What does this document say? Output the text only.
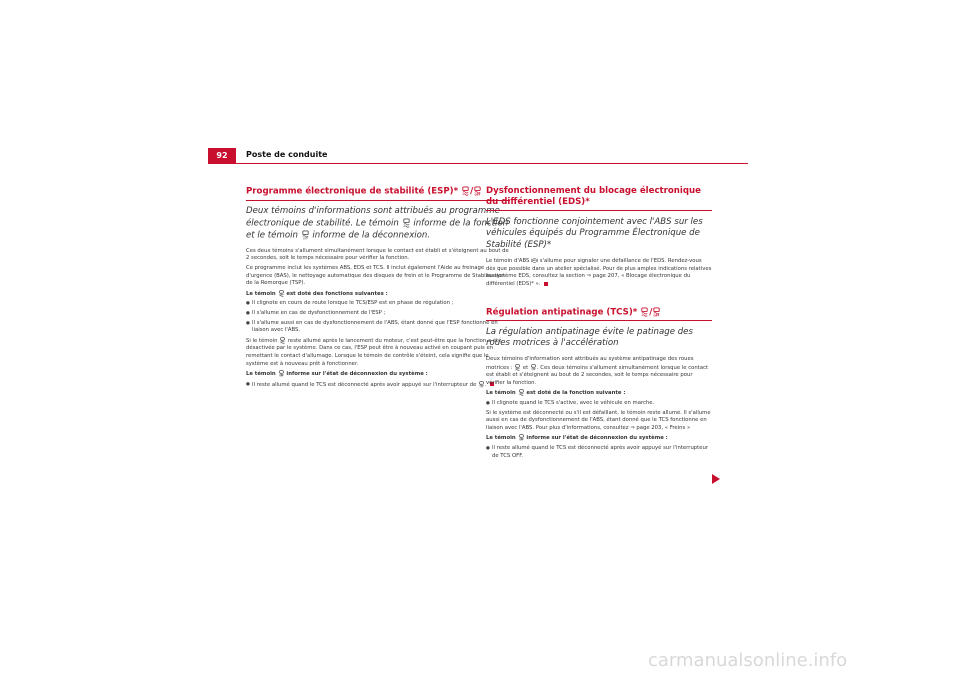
92	Poste de conduite

Programme électronique de stabilité (ESP)* / OFF

Deux témoins d'informations sont attribués au programme électronique de stabilité. Le témoin informe de la fonction et le témoin OFF informe de la déconnexion.

Ces deux témoins s'allument simultanément lorsque le contact est établi et s'éteignent au bout de 2 secondes, soit le temps nécessaire pour vérifier la fonction.

Ce programme inclut les systèmes ABS, EDS et TCS. Il inclut également l'Aide au freinage d'urgence (BAS), le nettoyage automatique des disques de frein et le Programme de Stabilisation de la Remorque (TSP).

Le témoin est doté des fonctions suivantes :

● Il clignote en cours de route lorsque le TCS/ESP est en phase de régulation ;

● Il s'allume en cas de dysfonctionnement de l'ESP ;

● Il s'allume aussi en cas de dysfonctionnement de l'ABS, étant donné que l'ESP fonctionne en liaison avec l'ABS.

Si le témoin reste allumé après le lancement du moteur, c'est peut-être que la fonction a été désactivée par le système. Dans ce cas, l'ESP peut être à nouveau activé en coupant puis en remettant le contact d'allumage. Lorsque le témoin de contrôle s'éteint, cela signifie que le système est à nouveau prêt à fonctionner.

Le témoin OFF informe sur l'état de déconnexion du système :

● Il reste allumé quand le TCS est déconnecté après avoir appuyé sur l'interrupteur de OFF .

Dysfonctionnement du blocage électronique du différentiel (EDS)*

L'EDS fonctionne conjointement avec l'ABS sur les véhicules équipés du Programme Électronique de Stabilité (ESP)*

Le témoin d'ABS ABS s'allume pour signaler une défaillance de l'EDS. Rendez-vous dès que possible dans un atelier spécialisé. Pour de plus amples indications relatives au système EDS, consultez la section ⇒ page 207, « Blocage électronique du différentiel (EDS)* ».

Régulation antipatinage (TCS)* / OFF

La régulation antipatinage évite le patinage des roues motrices à l'accélération

Deux témoins d'information sont attribués au système antipatinage des roues motrices : et OFF . Ces deux témoins s'allument simultanément lorsque le contact est établi et s'éteignent au bout de 2 secondes, soit le temps nécessaire pour vérifier la fonction.

Le témoin est doté de la fonction suivante :

● Il clignote quand le TCS s'active, avec le véhicule en marche.

Si le système est déconnecté ou s'il est défaillant, le témoin reste allumé. Il s'allume aussi en cas de dysfonctionnement de l'ABS, étant donné que le TCS fonctionne en liaison avec l'ABS. Pour plus d'informations, consultez ⇒ page 203, « Freins »

Le témoin OFF informe sur l'état de déconnexion du système :

● Il reste allumé quand le TCS est déconnecté après avoir appuyé sur l'interrupteur de TCS OFF.

carmanualsonline.info
